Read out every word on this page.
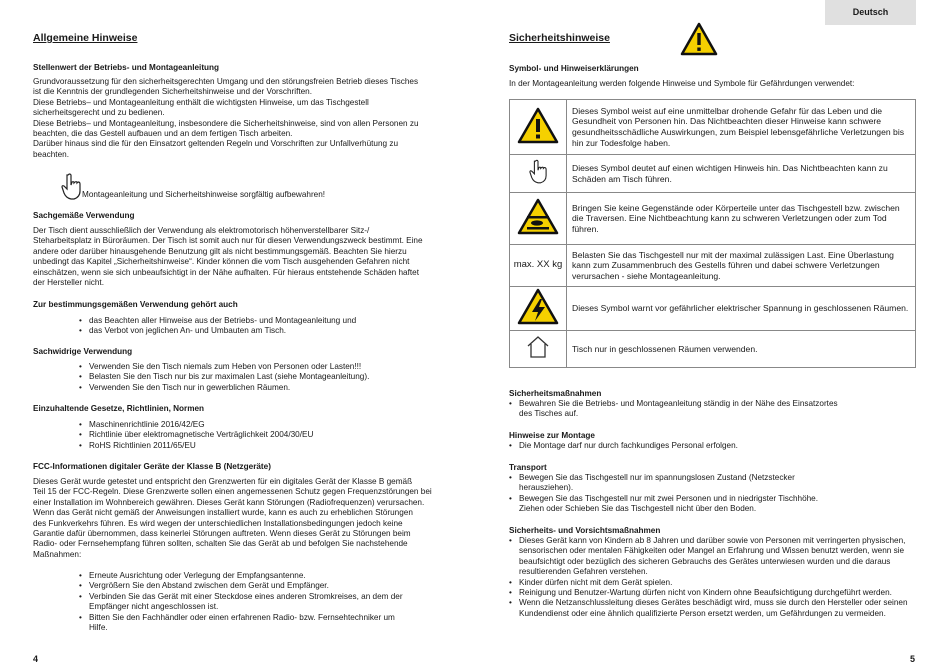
Deutsch
Allgemeine Hinweise
Stellenwert der Betriebs- und Montageanleitung
Grundvoraussetzung für den sicherheitsgerechten Umgang und den störungsfreien Betrieb dieses Tisches
ist die Kenntnis der grundlegenden Sicherheitshinweise und der Vorschriften.
Diese Betriebs– und Montageanleitung enthält die wichtigsten Hinweise, um das Tischgestell
sicherheitsgerecht und zu bedienen.
Diese Betriebs– und Montageanleitung, insbesondere die Sicherheitshinweise, sind von allen Personen zu
beachten, die das Gestell aufbauen und an dem fertigen Tisch arbeiten.
Darüber hinaus sind die für den Einsatzort geltenden Regeln und Vorschriften zur Unfallverhütung zu
beachten.
Montageanleitung und Sicherheitshinweise sorgfältig aufbewahren!
Sachgemäße Verwendung
Der Tisch dient ausschließlich der Verwendung als elektromotorisch höhenverstellbarer Sitz-/
Steharbeitsplatz in Büroräumen. Der Tisch ist somit auch nur für diesen Verwendungszweck bestimmt. Eine
andere oder darüber hinausgehende Benutzung gilt als nicht bestimmungsgemäß. Beachten Sie hierzu
unbedingt das Kapitel „Sicherheitshinweise“. Kinder können die vom Tisch ausgehenden Gefahren nicht
einschätzen, wenn sie sich unbeaufsichtigt in der Nähe aufhalten. Für hieraus entstehende Schäden haftet
der Hersteller nicht.
Zur bestimmungsgemäßen Verwendung gehört auch
• das Beachten aller Hinweise aus der Betriebs- und Montageanleitung und
• das Verbot von jeglichen An- und Umbauten am Tisch.
Sachwidrige Verwendung
• Verwenden Sie den Tisch niemals zum Heben von Personen oder Lasten!!!
• Belasten Sie den Tisch nur bis zur maximalen Last (siehe Montageanleitung).
• Verwenden Sie den Tisch nur in gewerblichen Räumen.
Einzuhaltende Gesetze, Richtlinien, Normen
• Maschinenrichtlinie 2016/42/EG
• Richtlinie über elektromagnetische Verträglichkeit 2004/30/EU
• RoHS Richtlinien 2011/65/EU
FCC-Informationen digitaler Geräte der Klasse B (Netzgeräte)
Dieses Gerät wurde getestet und entspricht den Grenzwerten für ein digitales Gerät der Klasse B gemäß
Teil 15 der FCC-Regeln. Diese Grenzwerte sollen einen angemessenen Schutz gegen Frequenzstörungen bei
einer Installation im Wohnbereich gewähren. Dieses Gerät kann Störungen (Radiofrequenzen) verursachen.
Wenn das Gerät nicht gemäß der Anweisungen installiert wurde, kann es auch zu erheblichen Störungen
des Funkverkehrs führen. Es wird wegen der unterschiedlichen Installationsbedingungen jedoch keine
Garantie dafür übernommen, dass keinerlei Störungen auftreten. Wenn dieses Gerät zu Störungen beim
Radio- oder Fernsehempfang führen sollten, schalten Sie das Gerät ab und befolgen Sie nachstehende
Maßnahmen:
• Erneute Ausrichtung oder Verlegung der Empfangsantenne.
• Vergrößern Sie den Abstand zwischen dem Gerät und Empfänger.
• Verbinden Sie das Gerät mit einer Steckdose eines anderen Stromkreises, an dem der Empfänger nicht angeschlossen ist.
• Bitten Sie den Fachhändler oder einen erfahrenen Radio- bzw. Fernsehtechniker um Hilfe.
4
Sicherheitshinweise
Symbol- und Hinweiserklärungen
In der Montageanleitung werden folgende Hinweise und Symbole für Gefährdungen verwendet:
	Dieses Symbol weist auf eine unmittelbar drohende Gefahr für das Leben und die Gesundheit von Personen hin. Das Nichtbeachten dieser Hinweise kann schwere gesundheitsschädliche Auswirkungen, zum Beispiel lebensgefährliche Verletzungen bis hin zur Todesfolge haben.
	Dieses Symbol deutet auf einen wichtigen Hinweis hin. Das Nichtbeachten kann zu Schäden am Tisch führen.
	Bringen Sie keine Gegenstände oder Körperteile unter das Tischgestell bzw. zwischen die Traversen. Eine Nichtbeachtung kann zu schweren Verletzungen oder zum Tod führen.
max. XX kg	Belasten Sie das Tischgestell nur mit der maximal zulässigen Last. Eine Überlastung kann zum Zusammenbruch des Gestells führen und dabei schwere Verletzungen verursachen - siehe Montageanleitung.
	Dieses Symbol warnt vor gefährlicher elektrischer Spannung in geschlossenen Räumen.
	Tisch nur in geschlossenen Räumen verwenden.
Sicherheitsmaßnahmen
• Bewahren Sie die Betriebs- und Montageanleitung ständig in der Nähe des Einsatzortes des Tisches auf.
Hinweise zur Montage
• Die Montage darf nur durch fachkundiges Personal erfolgen.
Transport
• Bewegen Sie das Tischgestell nur im spannungslosen Zustand (Netzstecker herausziehen).
• Bewegen Sie das Tischgestell nur mit zwei Personen und in niedrigster Tischhöhe. Ziehen oder Schieben Sie das Tischgestell nicht über den Boden.
Sicherheits- und Vorsichtsmaßnahmen
• Dieses Gerät kann von Kindern ab 8 Jahren und darüber sowie von Personen mit verringerten physischen, sensorischen oder mentalen Fähigkeiten oder Mangel an Erfahrung und Wissen benutzt werden, wenn sie beaufsichtigt oder bezüglich des sicheren Gebrauchs des Gerätes unterwiesen wurden und die daraus resultierenden Gefahren verstehen.
• Kinder dürfen nicht mit dem Gerät spielen.
• Reinigung und Benutzer-Wartung dürfen nicht von Kindern ohne Beaufsichtigung durchgeführt werden.
• Wenn die Netzanschlussleitung dieses Gerätes beschädigt wird, muss sie durch den Hersteller oder seinen Kundendienst oder eine ähnlich qualifizierte Person ersetzt werden, um Gefährdungen zu vermeiden.
5
